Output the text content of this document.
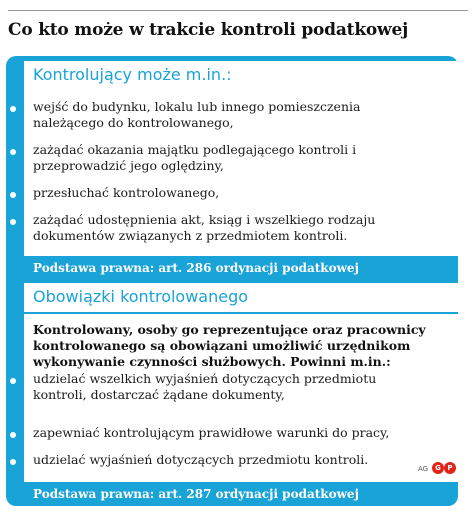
Co kto może w trakcie kontroli podatkowej
Kontrolujący może m.in.:
wejść do budynku, lokalu lub innego pomieszczenia należącego do kontrolowanego,
zażądać okazania majątku podlegającego kontroli i przeprowadzić jego oględziny,
przesłuchać kontrolowanego,
zażądać udostępnienia akt, ksiąg i wszelkiego rodzaju dokumentów związanych z przedmiotem kontroli.
Podstawa prawna: art. 286 ordynacji podatkowej
Obowiązki kontrolowanego
Kontrolowany, osoby go reprezentujące oraz pracownicy kontrolowanego są obowiązani umożliwić urzędnikom wykonywanie czynności służbowych. Powinni m.in.:
udzielać wszelkich wyjaśnień dotyczących przedmiotu kontroli, dostarczać żądane dokumenty,
zapewniać kontrolującym prawidłowe warunki do pracy,
udzielać wyjaśnień dotyczących przedmiotu kontroli.
AG	G P
Podstawa prawna: art. 287 ordynacji podatkowej
